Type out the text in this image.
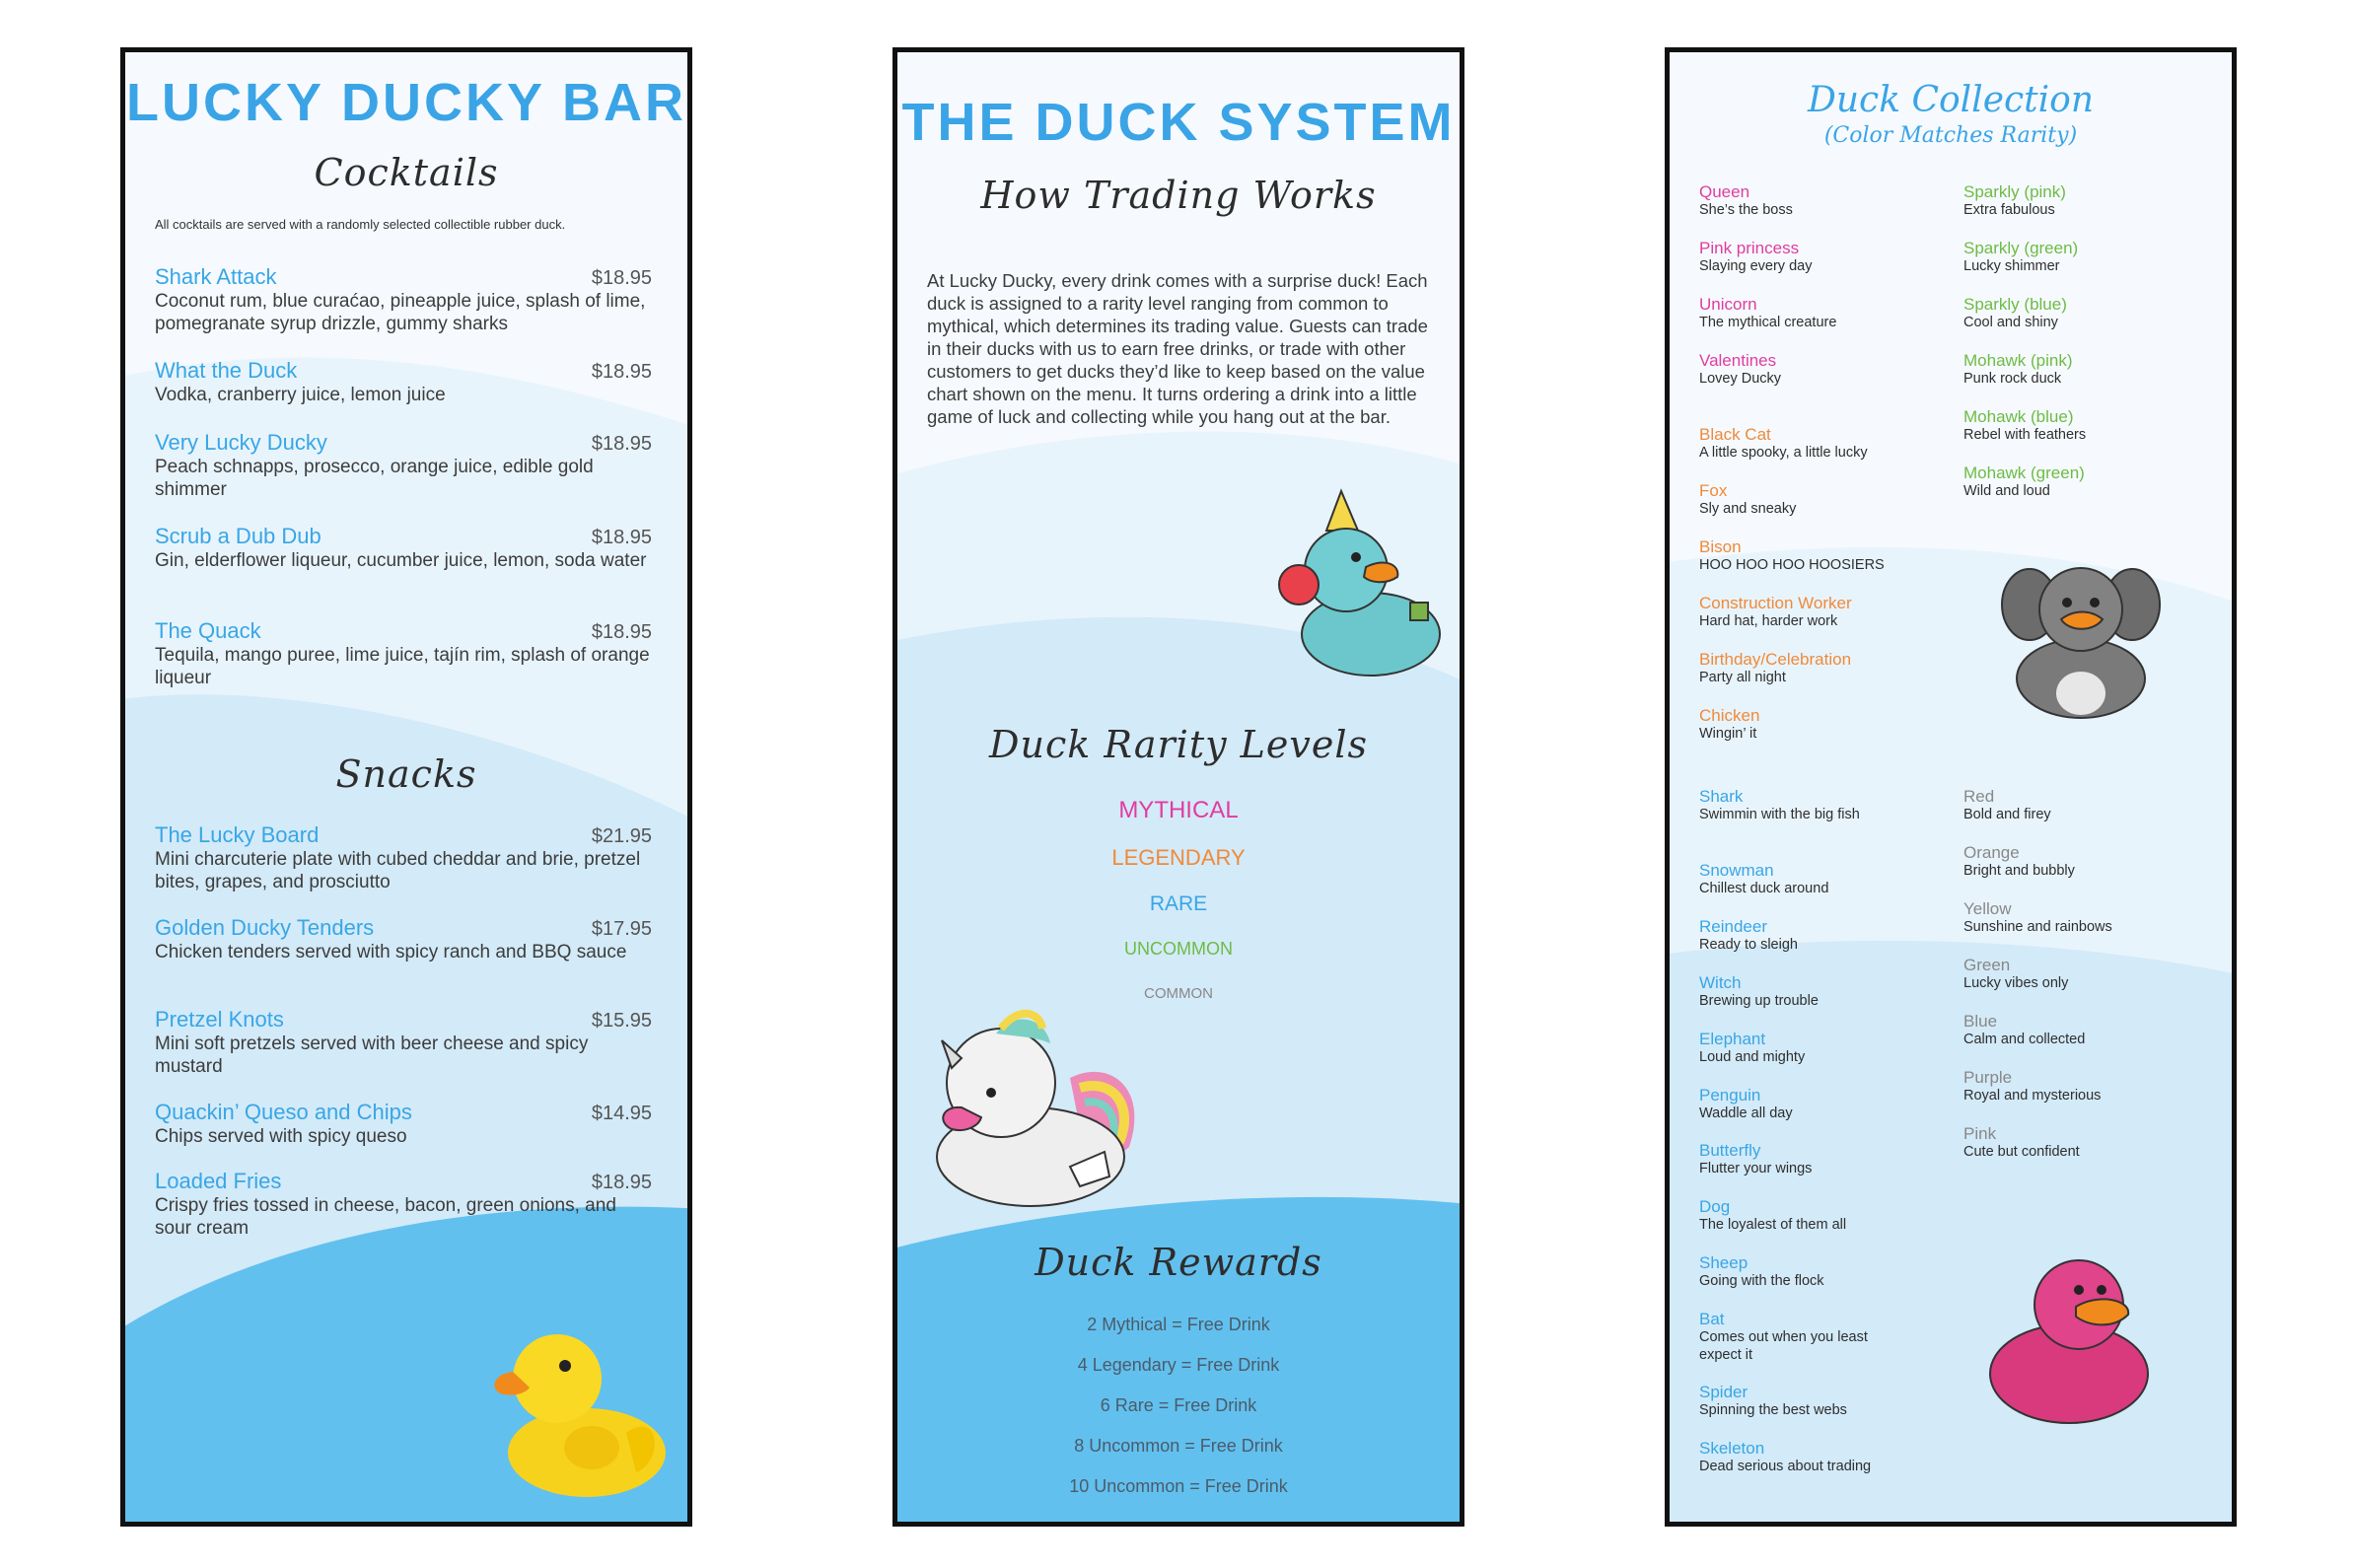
LUCKY DUCKY BAR
Cocktails
All cocktails are served with a randomly selected collectible rubber duck.
Shark Attack	$18.95
Coconut rum, blue curaćao, pineapple juice, splash of lime, pomegranate syrup drizzle, gummy sharks
What the Duck	$18.95
Vodka, cranberry juice, lemon juice
Very Lucky Ducky	$18.95
Peach schnapps, prosecco, orange juice, edible gold shimmer
Scrub a Dub Dub	$18.95
Gin, elderflower liqueur, cucumber juice, lemon, soda water
The Quack	$18.95
Tequila, mango puree, lime juice, tajín rim, splash of orange liqueur
Snacks
The Lucky Board	$21.95
Mini charcuterie plate with cubed cheddar and brie, pretzel bites, grapes, and prosciutto
Golden Ducky Tenders	$17.95
Chicken tenders served with spicy ranch and BBQ sauce
Pretzel Knots	$15.95
Mini soft pretzels served with beer cheese and spicy mustard
Quackin’ Queso and Chips	$14.95
Chips served with spicy queso
Loaded Fries	$18.95
Crispy fries tossed in cheese, bacon, green onions, and sour cream
THE DUCK SYSTEM
How Trading Works
At Lucky Ducky, every drink comes with a surprise duck! Each duck is assigned to a rarity level ranging from common to mythical, which determines its trading value. Guests can trade in their ducks with us to earn free drinks, or trade with other customers to get ducks they’d like to keep based on the value chart shown on the menu. It turns ordering a drink into a little game of luck and collecting while you hang out at the bar.
Duck Rarity Levels
MYTHICAL
LEGENDARY
RARE
UNCOMMON
COMMON
Duck Rewards
2 Mythical = Free Drink
4 Legendary = Free Drink
6 Rare = Free Drink
8 Uncommon = Free Drink
10 Uncommon = Free Drink
Duck Collection
(Color Matches Rarity)
Queen
She’s the boss
Pink princess
Slaying every day
Unicorn
The mythical creature
Valentines
Lovey Ducky
Black Cat
A little spooky, a little lucky
Fox
Sly and sneaky
Bison
HOO HOO HOO HOOSIERS
Construction Worker
Hard hat, harder work
Birthday/Celebration
Party all night
Chicken
Wingin’ it
Shark
Swimmin with the big fish
Snowman
Chillest duck around
Reindeer
Ready to sleigh
Witch
Brewing up trouble
Elephant
Loud and mighty
Penguin
Waddle all day
Butterfly
Flutter your wings
Dog
The loyalest of them all
Sheep
Going with the flock
Bat
Comes out when you least expect it
Spider
Spinning the best webs
Skeleton
Dead serious about trading
Sparkly (pink)
Extra fabulous
Sparkly (green)
Lucky shimmer
Sparkly (blue)
Cool and shiny
Mohawk (pink)
Punk rock duck
Mohawk (blue)
Rebel with feathers
Mohawk (green)
Wild and loud
Red
Bold and firey
Orange
Bright and bubbly
Yellow
Sunshine and rainbows
Green
Lucky vibes only
Blue
Calm and collected
Purple
Royal and mysterious
Pink
Cute but confident
